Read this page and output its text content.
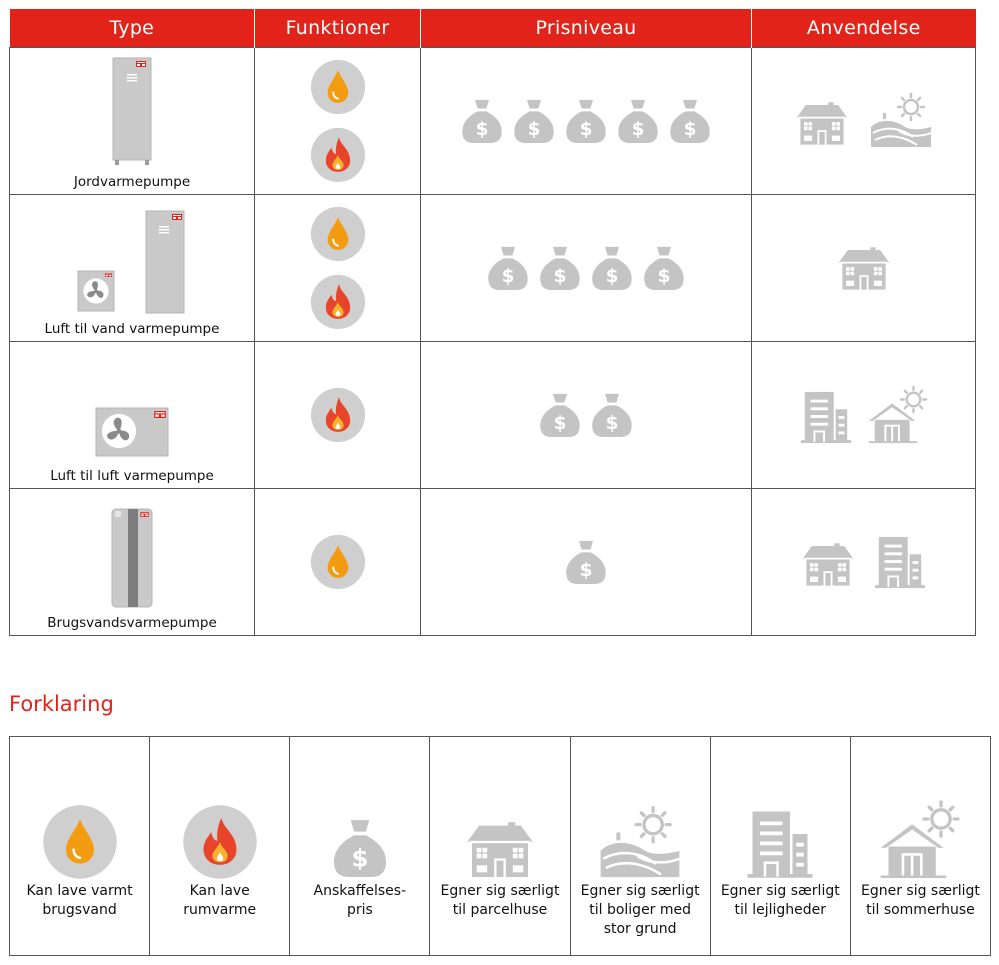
Type	Funktioner	Prisniveau	Anvendelse

Jordvarmepumpe

Luft til vand varmepumpe

Luft til luft varmepumpe

Brugsvandsvarmepumpe

Forklaring
Kan lave varmt
brugsvand

Kan lave
rumvarme

Anskaffelses-
pris

Egner sig særligt
til parcelhuse

Egner sig særligt
til boliger med
stor grund

Egner sig særligt
til lejligheder

Egner sig særligt
til sommerhuse
